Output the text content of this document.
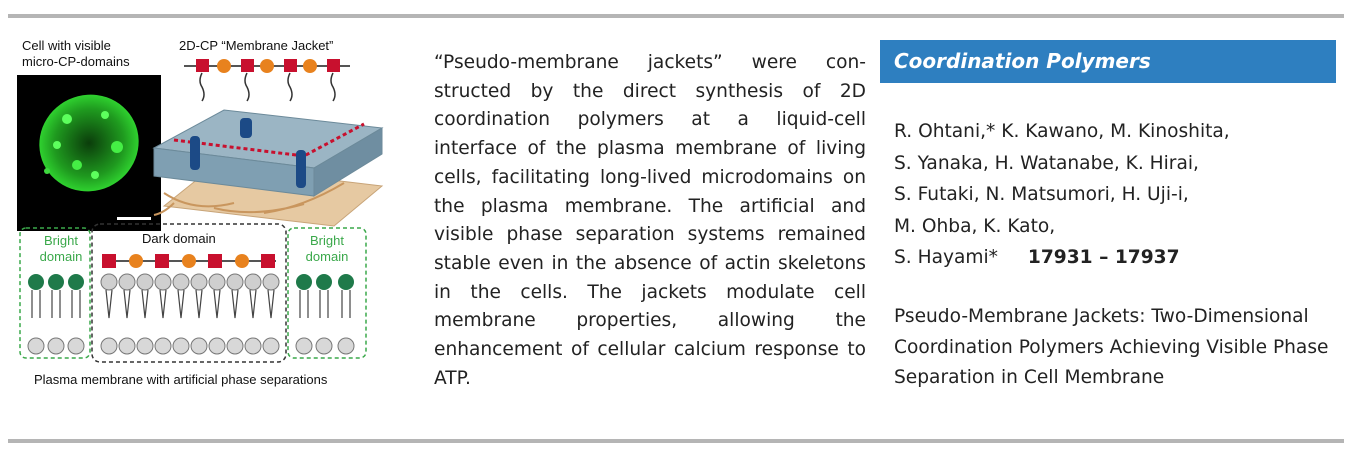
Cell with visible
micro-CP-domains
2D-CP “Membrane Jacket”
Dark domain
Bright domain
Bright domain
Plasma membrane with artificial phase separations
“Pseudo-membrane jackets” were constructed by the direct synthesis of 2D coordination polymers at a liquid-cell interface of the plasma membrane of living cells, facilitating long-lived microdomains on the plasma membrane. The artificial and visible phase separation systems remained stable even in the absence of actin skeletons in the cells. The jackets modulate cell membrane properties, allowing the enhancement of cellular calcium response to ATP.
Coordination Polymers
R. Ohtani,* K. Kawano, M. Kinoshita,
S. Yanaka, H. Watanabe, K. Hirai,
S. Futaki, N. Matsumori, H. Uji-i,
M. Ohba, K. Kato,
S. Hayami* 17931 – 17937
Pseudo-Membrane Jackets: Two-Dimensional Coordination Polymers Achieving Visible Phase Separation in Cell Membrane
